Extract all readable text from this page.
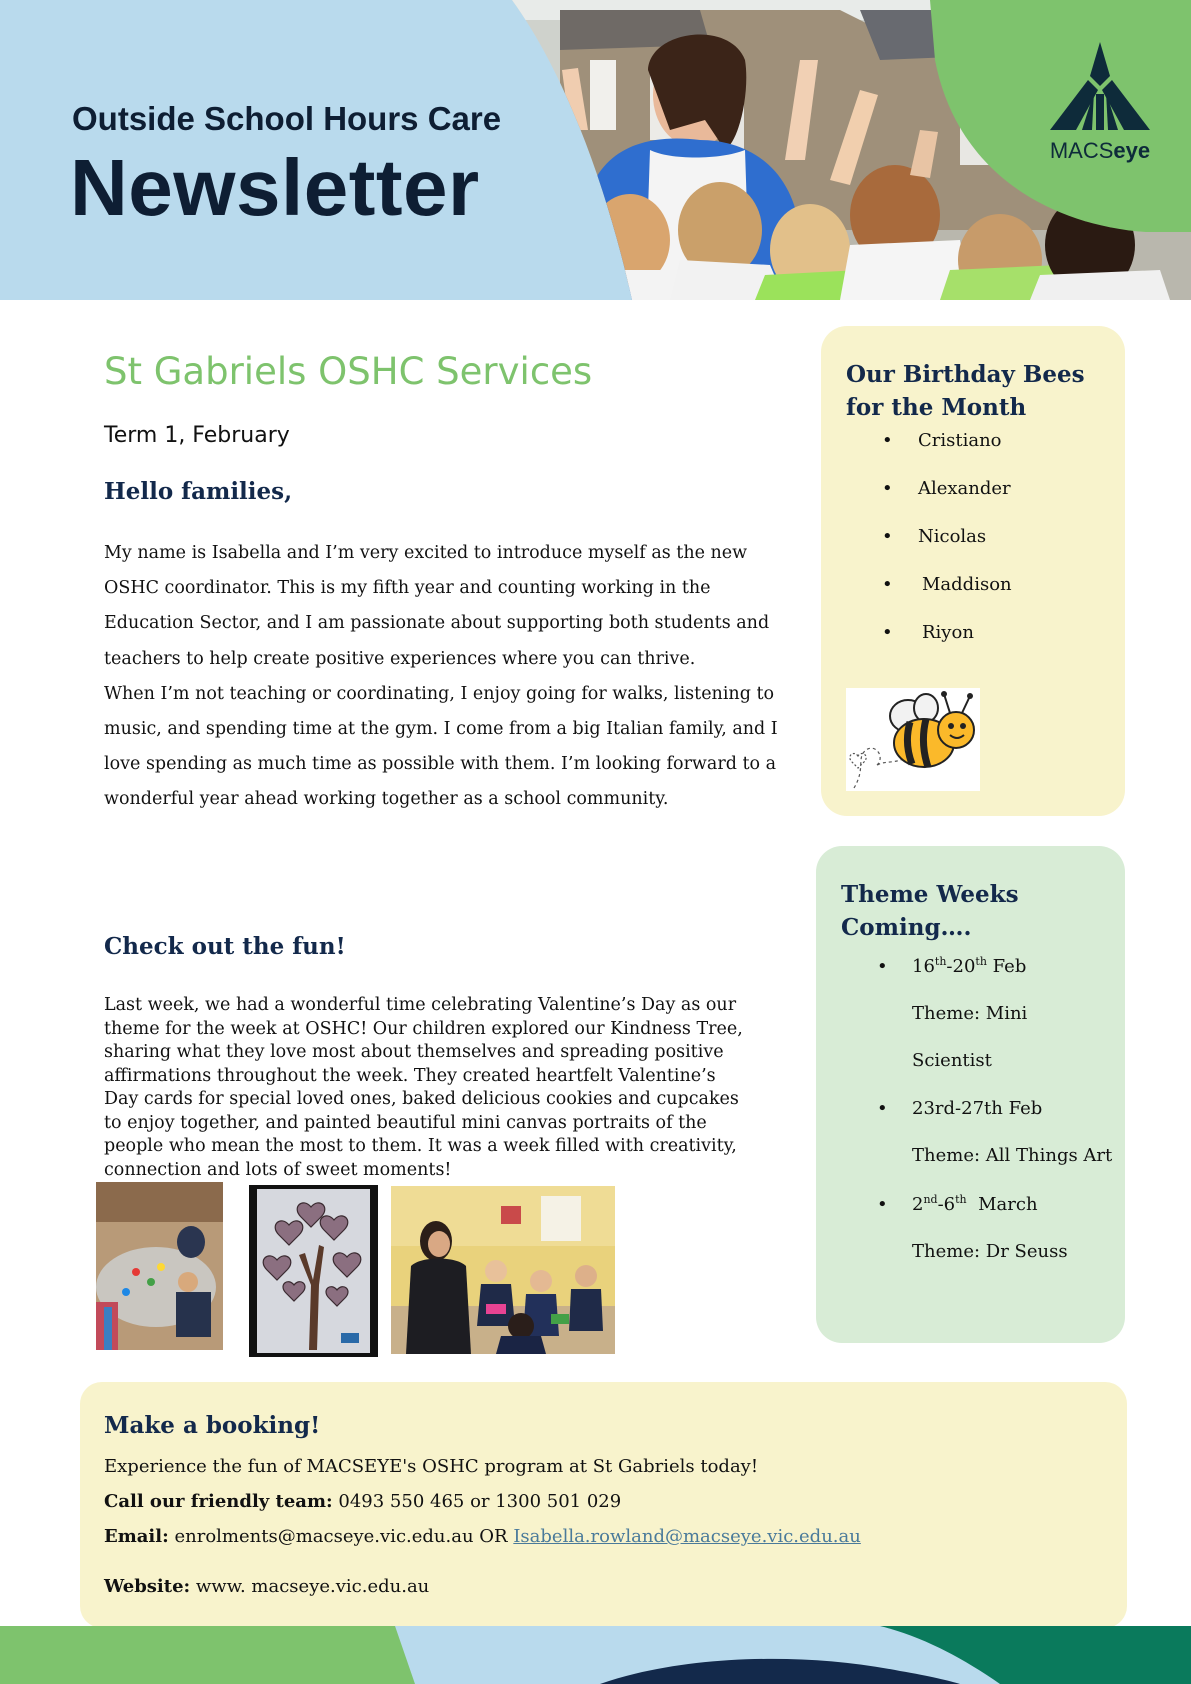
Outside School Hours Care
Newsletter	MACSeye
St Gabriels OSHC Services

Term 1, February

Hello families,
My name is Isabella and I’m very excited to introduce myself as the new OSHC coordinator. This is my fifth year and counting working in the Education Sector, and I am passionate about supporting both students and teachers to help create positive experiences where you can thrive.
When I’m not teaching or coordinating, I enjoy going for walks, listening to music, and spending time at the gym. I come from a big Italian family, and I love spending as much time as possible with them. I’m looking forward to a wonderful year ahead working together as a school community.
Check out the fun!

Last week, we had a wonderful time celebrating Valentine’s Day as our theme for the week at OSHC! Our children explored our Kindness Tree, sharing what they love most about themselves and spreading positive affirmations throughout the week. They created heartfelt Valentine’s Day cards for special loved ones, baked delicious cookies and cupcakes to enjoy together, and painted beautiful mini canvas portraits of the people who mean the most to them. It was a week filled with creativity, connection and lots of sweet moments!

Our Birthday Bees for the Month
• Cristiano
• Alexander
• Nicolas
• Maddison
• Riyon
Theme Weeks Coming….
• 16th-20th Feb
Theme: Mini
Scientist
• 23rd-27th Feb
Theme: All Things Art
• 2nd-6th  March
Theme: Dr Seuss
Make a booking!

Experience the fun of MACSEYE's OSHC program at St Gabriels today!

Call our friendly team: 0493 550 465 or 1300 501 029

Email: enrolments@macseye.vic.edu.au OR Isabella.rowland@macseye.vic.edu.au

Website: www. macseye.vic.edu.au
